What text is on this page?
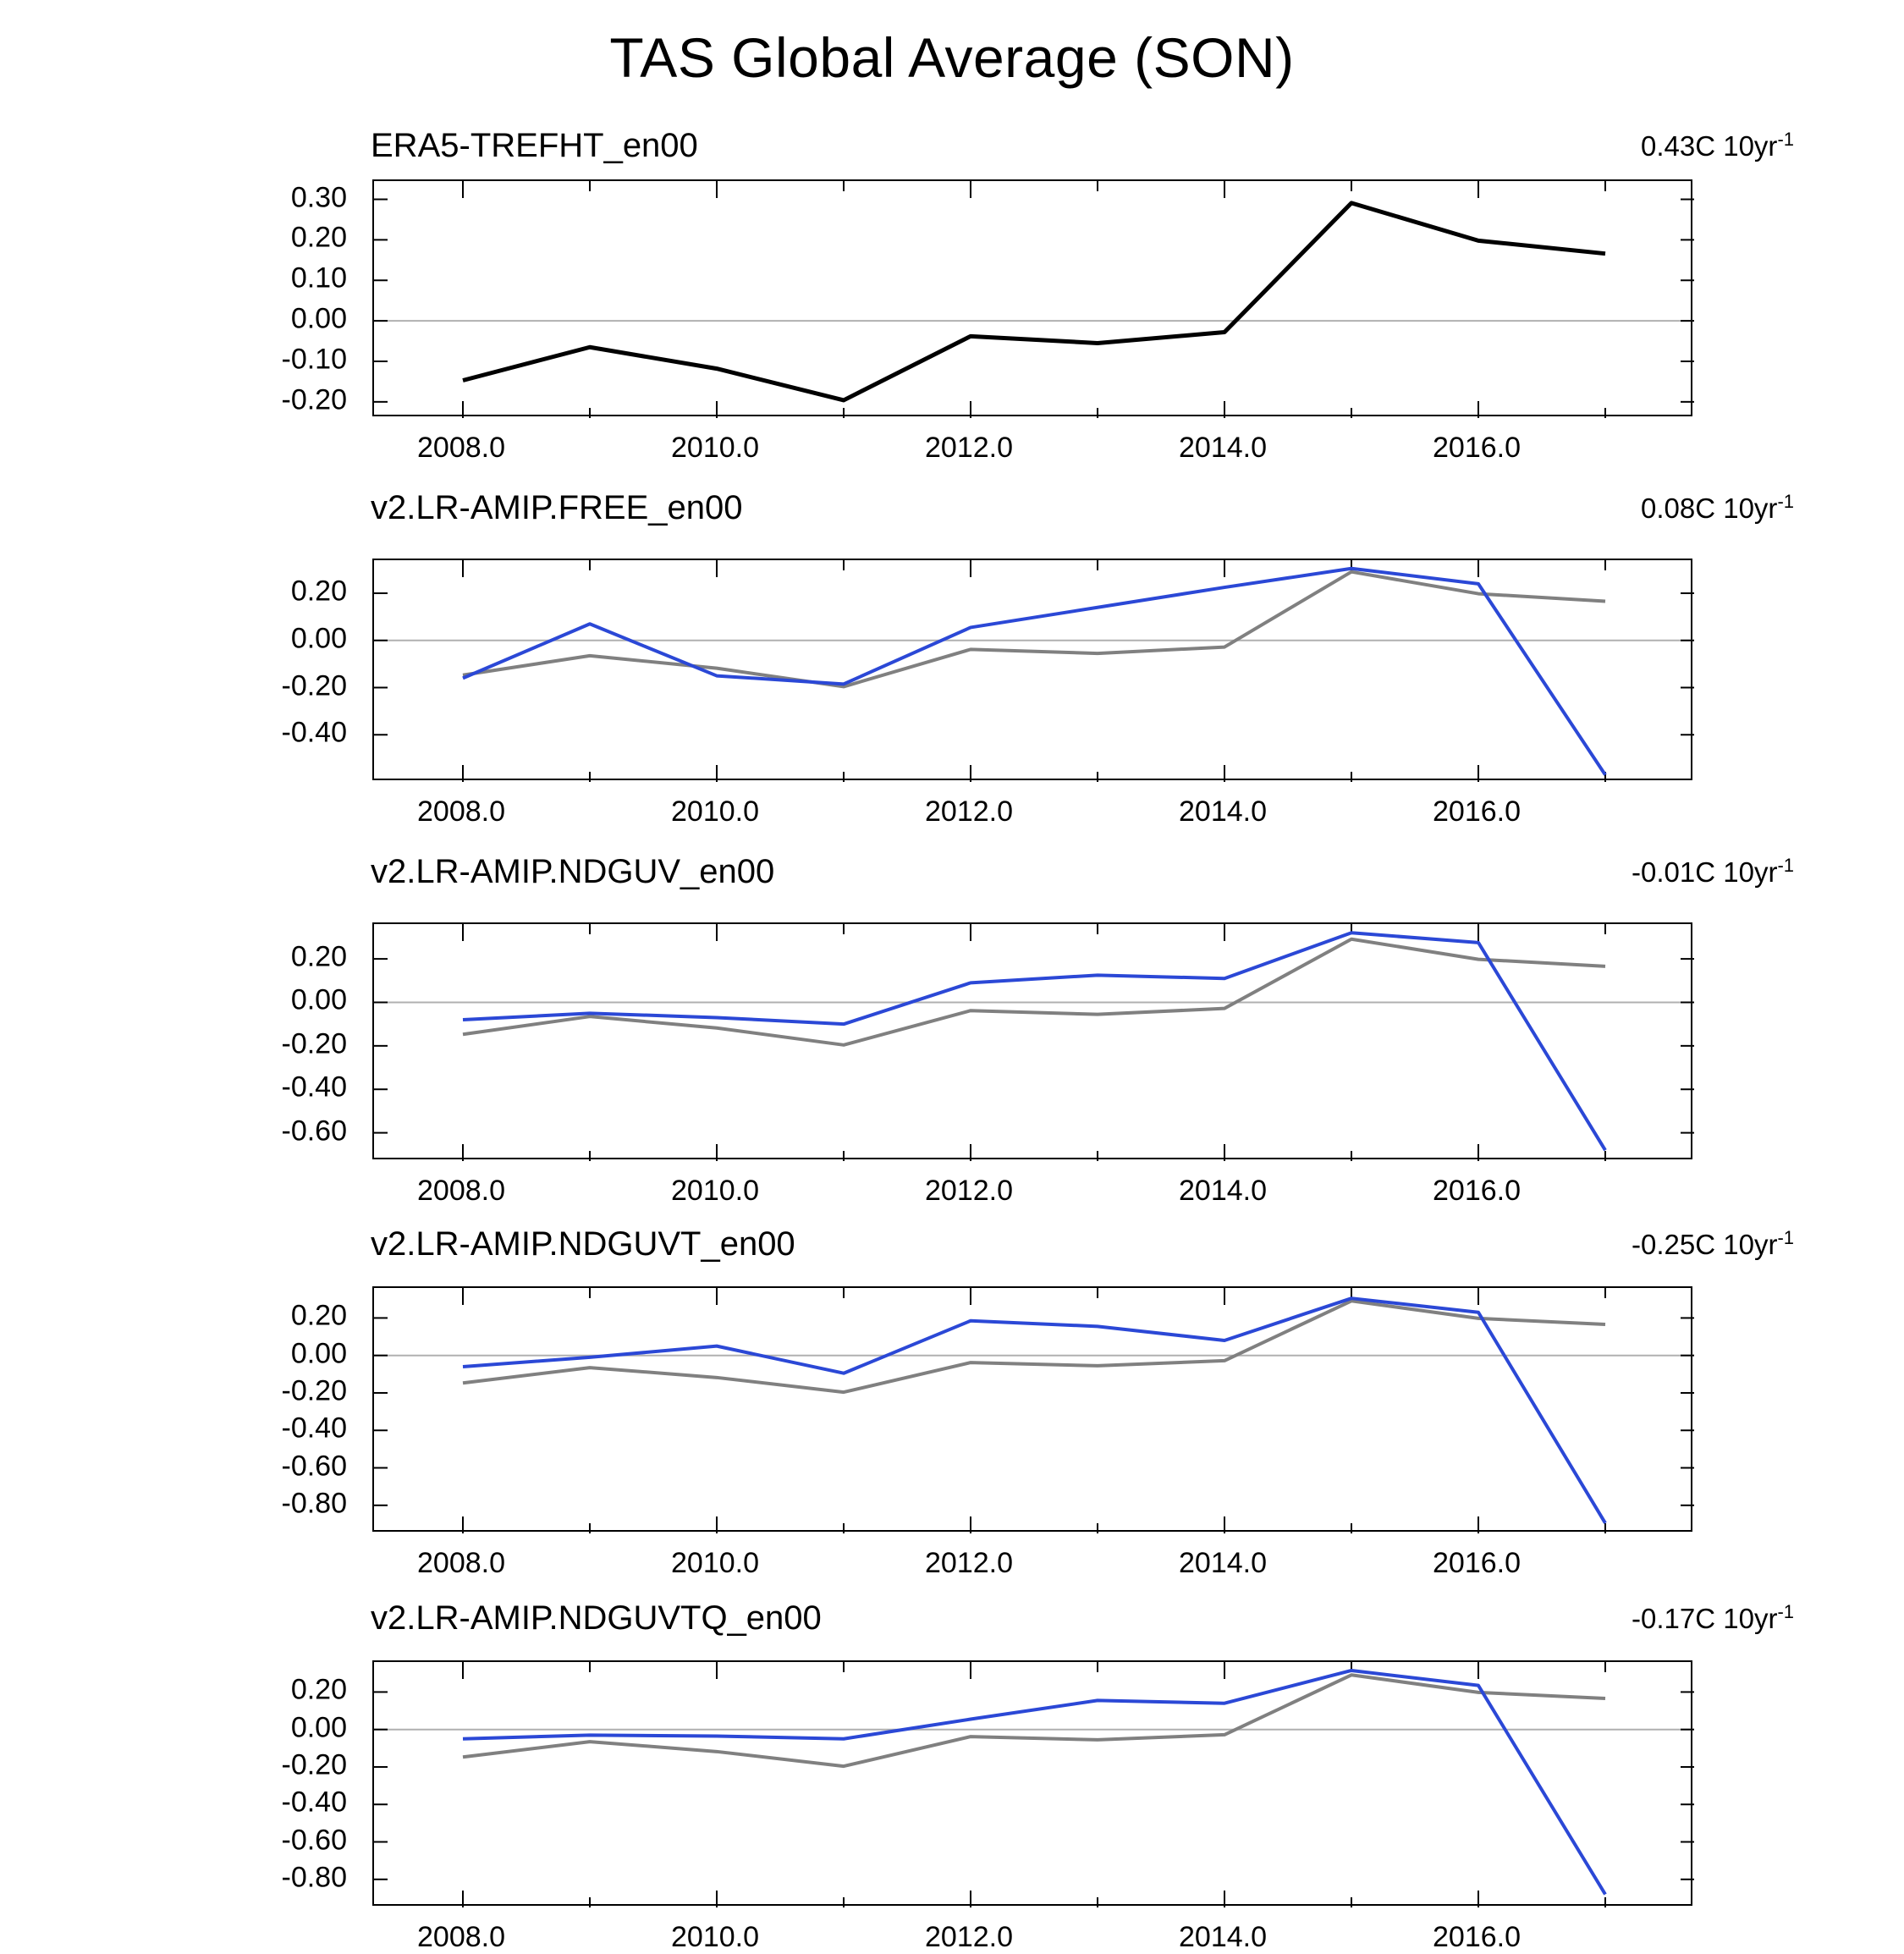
TAS Global Average (SON)
ERA5-TREFHT_en00	0.43C $10yr^{-1}$
0.30
0.20
0.10
0.00
-0.10
-0.20
2008.0	2010.0	2012.0	2014.0	2016.0
v2.LR-AMIP.FREE_en00	0.08C $10yr^{-1}$
0.20
0.00
-0.20
-0.40
2008.0	2010.0	2012.0	2014.0	2016.0
v2.LR-AMIP.NDGUV_en00	-0.01C $10yr^{-1}$
0.20
0.00
-0.20
-0.40
-0.60
2008.0	2010.0	2012.0	2014.0	2016.0
v2.LR-AMIP.NDGUVT_en00	-0.25C $10yr^{-1}$
0.20
0.00
-0.20
-0.40
-0.60
-0.80
2008.0	2010.0	2012.0	2014.0	2016.0
v2.LR-AMIP.NDGUVTQ_en00	-0.17C $10yr^{-1}$
0.20
0.00
-0.20
-0.40
-0.60
-0.80
2008.0	2010.0	2012.0	2014.0	2016.0
